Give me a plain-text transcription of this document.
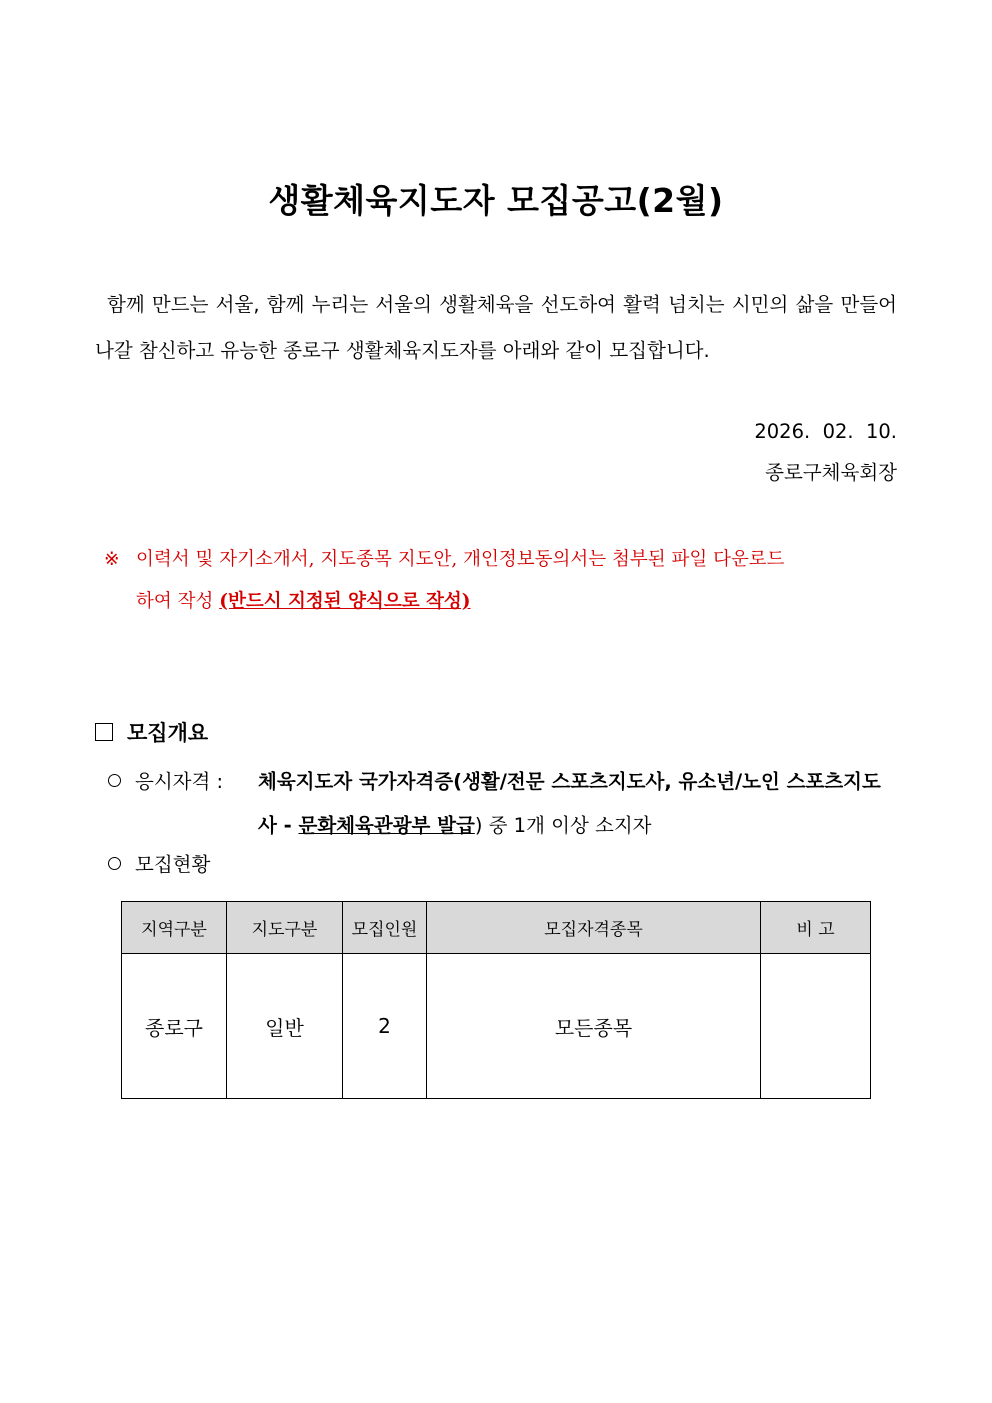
생활체육지도자 모집공고(2월)
함께 만드는 서울, 함께 누리는 서울의 생활체육을 선도하여 활력 넘치는 시민의 삶을 만들어 나갈 참신하고 유능한 종로구 생활체육지도자를 아래와 같이 모집합니다.
2026.  02.  10.
종로구체육회장
※ 이력서 및 자기소개서, 지도종목 지도안, 개인정보동의서는 첨부된 파일 다운로드
하여 작성 (반드시 지정된 양식으로 작성)
모집개요
응시자격 : 체육지도자 국가자격증(생활/전문 스포츠지도사, 유소년/노인 스포츠지도사 - 문화체육관광부 발급) 중 1개 이상 소지자
모집현황
지역구분	지도구분	모집인원	모집자격종목	비 고
종로구	일반	2	모든종목	
